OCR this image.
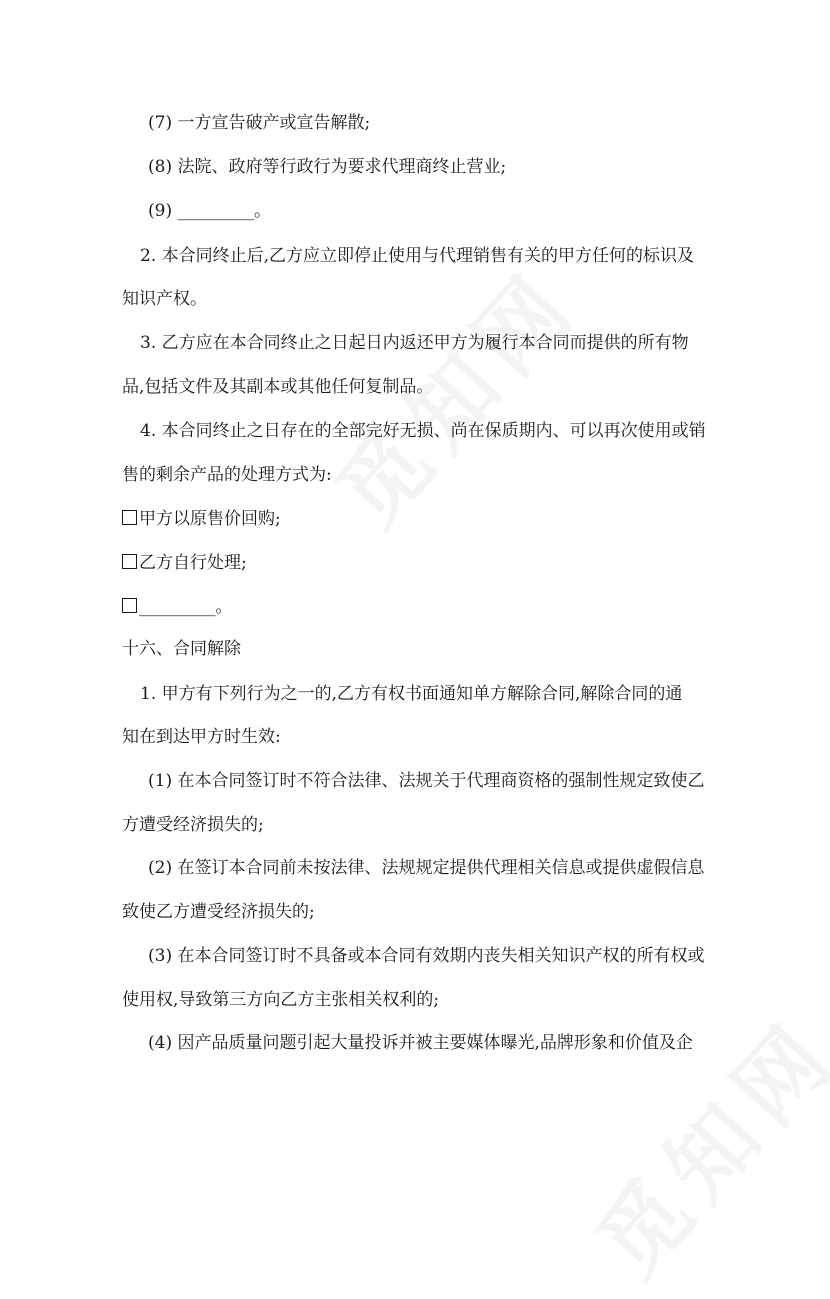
(7) 一方宣告破产或宣告解散;

(8) 法院、政府等行政行为要求代理商终止营业;

(9) _________。

2. 本合同终止后,乙方应立即停止使用与代理销售有关的甲方任何的标识及

知识产权。

3. 乙方应在本合同终止之日起日内返还甲方为履行本合同而提供的所有物

品,包括文件及其副本或其他任何复制品。

4. 本合同终止之日存在的全部完好无损、尚在保质期内、可以再次使用或销

售的剩余产品的处理方式为:

甲方以原售价回购;

乙方自行处理;

_________。

十六、合同解除

1. 甲方有下列行为之一的,乙方有权书面通知单方解除合同,解除合同的通

知在到达甲方时生效:

(1) 在本合同签订时不符合法律、法规关于代理商资格的强制性规定致使乙

方遭受经济损失的;

(2) 在签订本合同前未按法律、法规规定提供代理相关信息或提供虚假信息

致使乙方遭受经济损失的;

(3) 在本合同签订时不具备或本合同有效期内丧失相关知识产权的所有权或

使用权,导致第三方向乙方主张相关权利的;

(4) 因产品质量问题引起大量投诉并被主要媒体曝光,品牌形象和价值及企
